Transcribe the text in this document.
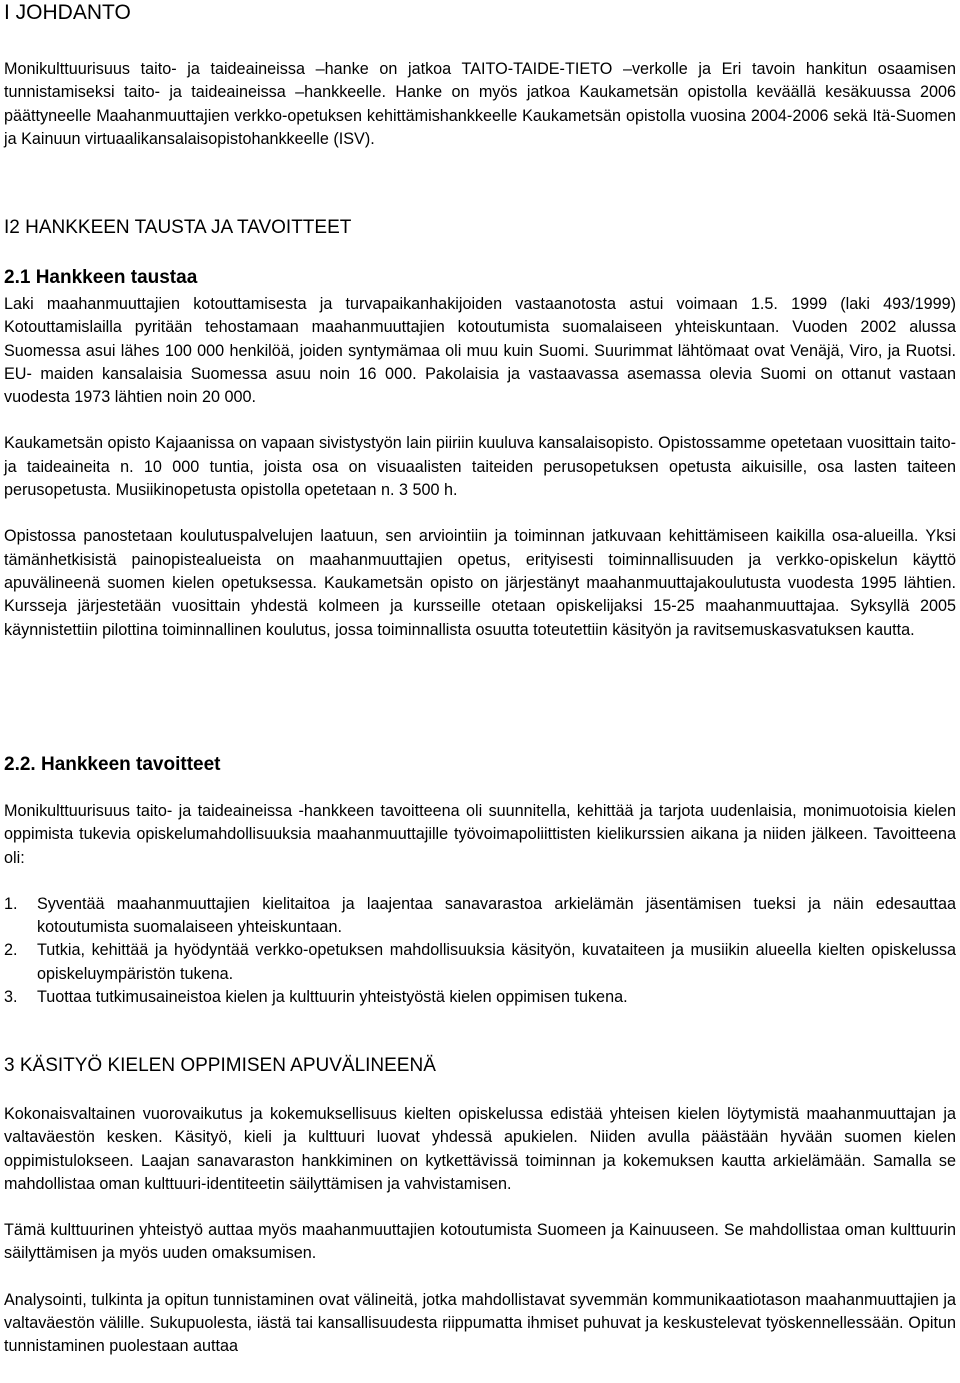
I JOHDANTO

Monikulttuurisuus taito- ja taideaineissa –hanke on jatkoa TAITO-TAIDE-TIETO –verkolle ja Eri tavoin hankitun osaamisen tunnistamiseksi taito- ja taideaineissa –hankkeelle. Hanke on myös jatkoa Kaukametsän opistolla keväällä kesäkuussa 2006 päättyneelle Maahanmuuttajien verkko-opetuksen kehittämishankkeelle Kaukametsän opistolla vuosina 2004-2006 sekä Itä-Suomen ja Kainuun virtuaalikansalaisopistohankkeelle (ISV).

I2 HANKKEEN TAUSTA JA TAVOITTEET
2.1 Hankkeen taustaa

Laki maahanmuuttajien kotouttamisesta ja turvapaikanhakijoiden vastaanotosta astui voimaan 1.5. 1999 (laki 493/1999) Kotouttamislailla pyritään tehostamaan maahanmuuttajien kotoutumista suomalaiseen yhteiskuntaan. Vuoden 2002 alussa Suomessa asui lähes 100 000 henkilöä, joiden syntymämaa oli muu kuin Suomi. Suurimmat lähtömaat ovat Venäjä, Viro, ja Ruotsi. EU- maiden kansalaisia Suomessa asuu noin 16 000. Pakolaisia ja vastaavassa asemassa olevia Suomi on ottanut vastaan vuodesta 1973 lähtien noin 20 000.

Kaukametsän opisto Kajaanissa on vapaan sivistystyön lain piiriin kuuluva kansalaisopisto. Opistossamme opetetaan vuosittain taito- ja taideaineita n. 10 000 tuntia, joista osa on visuaalisten taiteiden perusopetuksen opetusta aikuisille, osa lasten taiteen perusopetusta. Musiikinopetusta opistolla opetetaan n. 3 500 h.

Opistossa panostetaan koulutuspalvelujen laatuun, sen arviointiin ja toiminnan jatkuvaan kehittämiseen kaikilla osa-alueilla. Yksi tämänhetkisistä painopistealueista on maahanmuuttajien opetus, erityisesti toiminnallisuuden ja verkko-opiskelun käyttö apuvälineenä suomen kielen opetuksessa. Kaukametsän opisto on järjestänyt maahanmuuttajakoulutusta vuodesta 1995 lähtien. Kursseja järjestetään vuosittain yhdestä kolmeen ja kursseille otetaan opiskelijaksi 15-25 maahanmuuttajaa. Syksyllä 2005 käynnistettiin pilottina toiminnallinen koulutus, jossa toiminnallista osuutta toteutettiin käsityön ja ravitsemuskasvatuksen kautta.

2.2. Hankkeen tavoitteet

Monikulttuurisuus taito- ja taideaineissa -hankkeen tavoitteena oli suunnitella, kehittää ja tarjota uudenlaisia, monimuotoisia kielen oppimista tukevia opiskelumahdollisuuksia maahanmuuttajille työvoimapoliittisten kielikurssien aikana ja niiden jälkeen. Tavoitteena oli:

1. Syventää maahanmuuttajien kielitaitoa ja laajentaa sanavarastoa arkielämän jäsentämisen tueksi ja näin edesauttaa kotoutumista suomalaiseen yhteiskuntaan.
2. Tutkia, kehittää ja hyödyntää verkko-opetuksen mahdollisuuksia käsityön, kuvataiteen ja musiikin alueella kielten opiskelussa opiskeluympäristön tukena.
3. Tuottaa tutkimusaineistoa kielen ja kulttuurin yhteistyöstä kielen oppimisen tukena.
3 KÄSITYÖ KIELEN OPPIMISEN APUVÄLINEENÄ

Kokonaisvaltainen vuorovaikutus ja kokemuksellisuus kielten opiskelussa edistää yhteisen kielen löytymistä maahanmuuttajan ja valtaväestön kesken. Käsityö, kieli ja kulttuuri luovat yhdessä apukielen. Niiden avulla päästään hyvään suomen kielen oppimistulokseen. Laajan sanavaraston hankkiminen on kytkettävissä toiminnan ja kokemuksen kautta arkielämään. Samalla se mahdollistaa oman kulttuuri-identiteetin säilyttämisen ja vahvistamisen.

Tämä kulttuurinen yhteistyö auttaa myös maahanmuuttajien kotoutumista Suomeen ja Kainuuseen. Se mahdollistaa oman kulttuurin säilyttämisen ja myös uuden omaksumisen.

Analysointi, tulkinta ja opitun tunnistaminen ovat välineitä, jotka mahdollistavat syvemmän kommunikaatiotason maahanmuuttajien ja valtaväestön välille. Sukupuolesta, iästä tai kansallisuudesta riippumatta ihmiset puhuvat ja keskustelevat työskennellessään. Opitun tunnistaminen puolestaan auttaa
